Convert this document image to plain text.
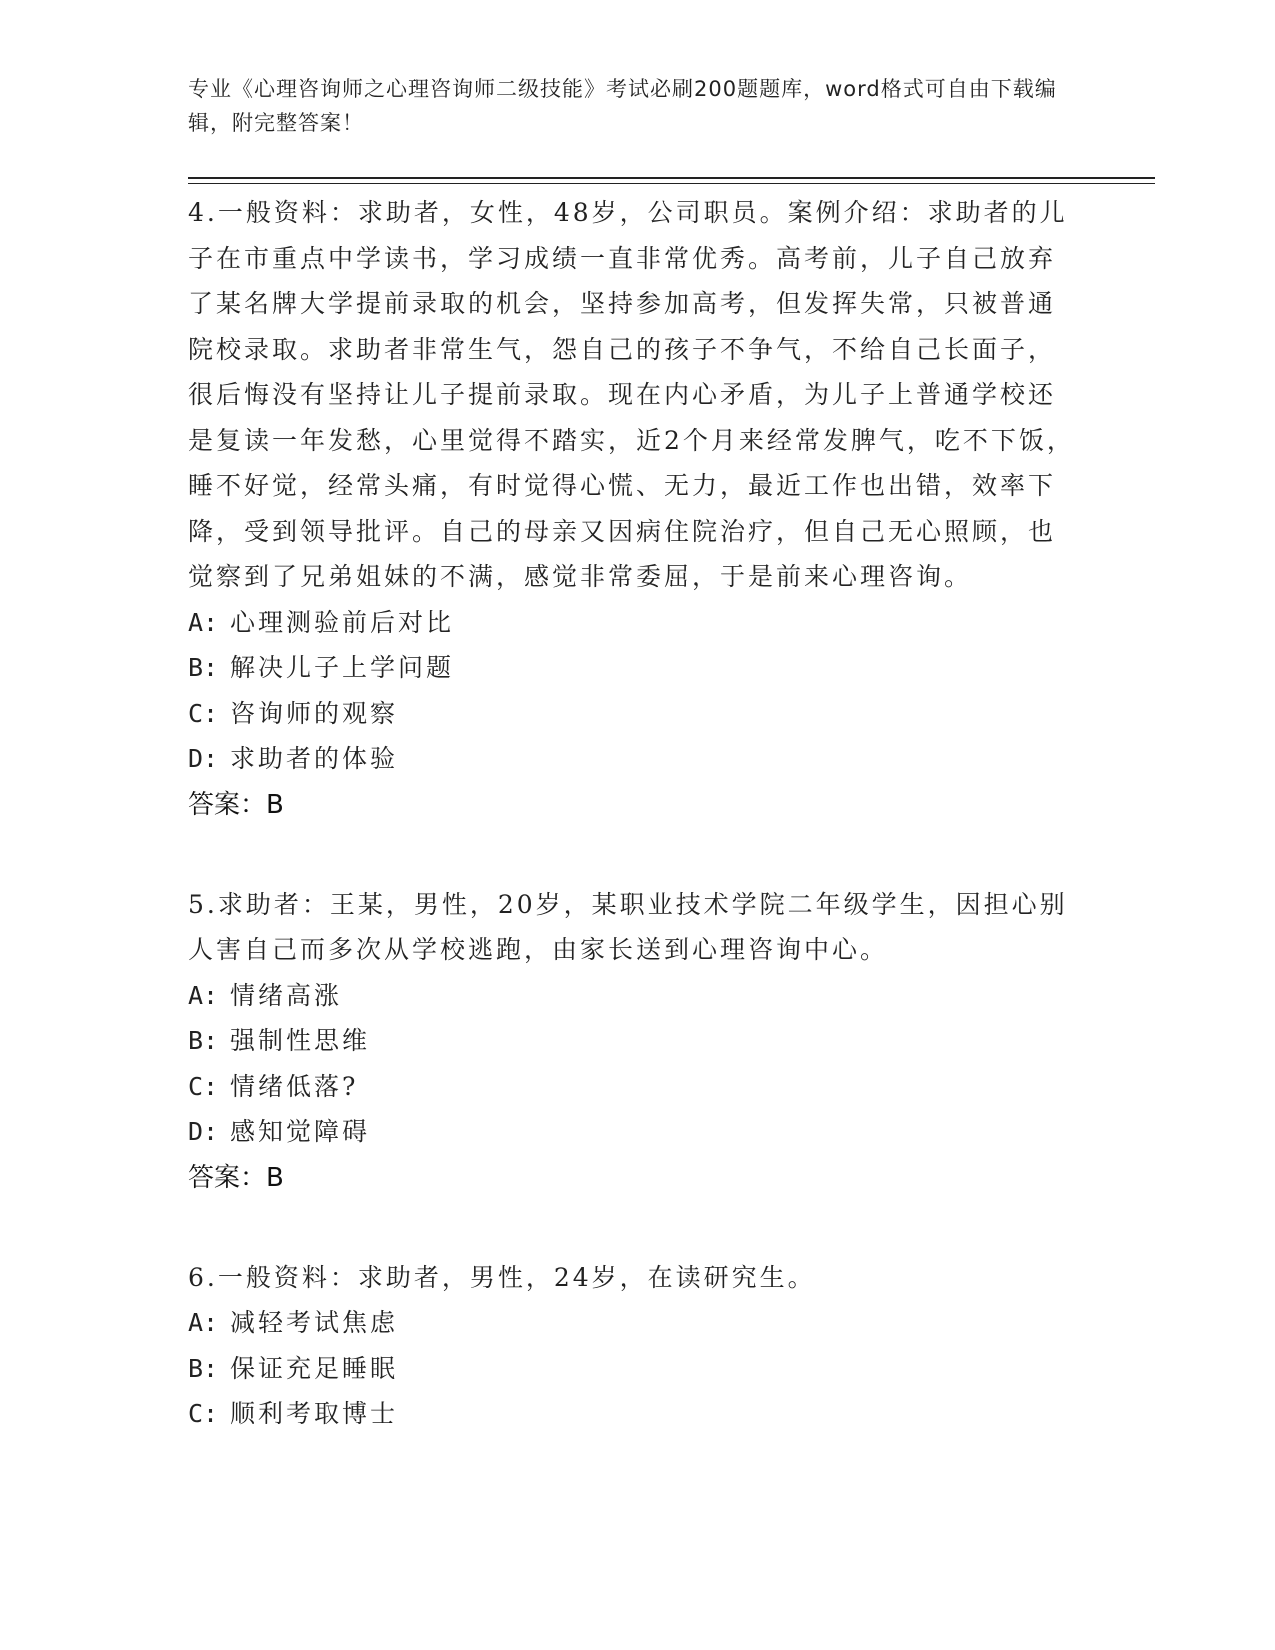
专业《心理咨询师之心理咨询师二级技能》考试必刷200题题库，word格式可自由下载编辑，附完整答案！

4.一般资料：求助者，女性，48岁，公司职员。案例介绍：求助者的儿子在市重点中学读书，学习成绩一直非常优秀。高考前，儿子自己放弃了某名牌大学提前录取的机会，坚持参加高考，但发挥失常，只被普通院校录取。求助者非常生气，怨自己的孩子不争气，不给自己长面子，很后悔没有坚持让儿子提前录取。现在内心矛盾，为儿子上普通学校还是复读一年发愁，心里觉得不踏实，近2个月来经常发脾气，吃不下饭，睡不好觉，经常头痛，有时觉得心慌、无力，最近工作也出错，效率下降，受到领导批评。自己的母亲又因病住院治疗，但自己无心照顾，也觉察到了兄弟姐妹的不满，感觉非常委屈，于是前来心理咨询。

A: 心理测验前后对比

B: 解决儿子上学问题

C: 咨询师的观察

D: 求助者的体验

答案：B

5.求助者：王某，男性，20岁，某职业技术学院二年级学生，因担心别人害自己而多次从学校逃跑，由家长送到心理咨询中心。

A: 情绪高涨

B: 强制性思维

C: 情绪低落?

D: 感知觉障碍

答案：B

6.一般资料：求助者，男性，24岁，在读研究生。

A: 减轻考试焦虑

B: 保证充足睡眠

C: 顺利考取博士
